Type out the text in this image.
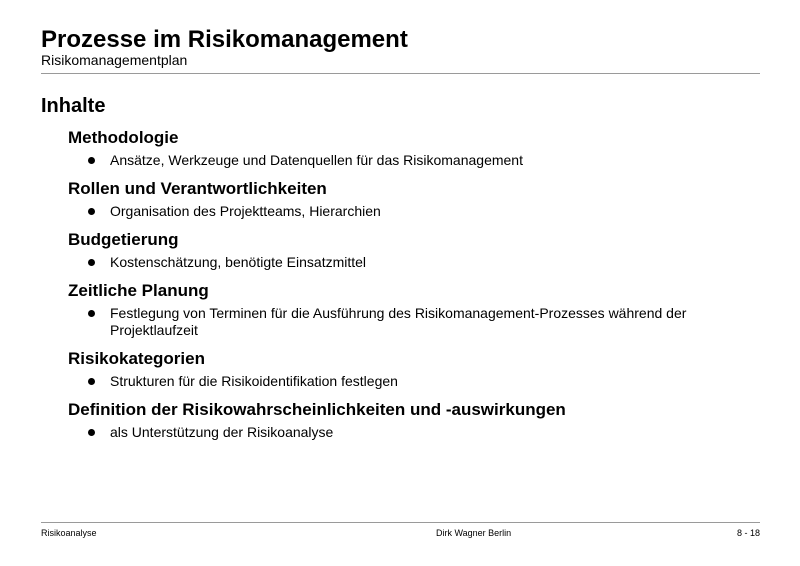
Prozesse im Risikomanagement
Risikomanagementplan
Inhalte
Methodologie
Ansätze, Werkzeuge und Datenquellen für das Risikomanagement
Rollen und Verantwortlichkeiten
Organisation des Projektteams, Hierarchien
Budgetierung
Kostenschätzung, benötigte Einsatzmittel
Zeitliche Planung
Festlegung von Terminen für die Ausführung des Risikomanagement-Prozesses während der Projektlaufzeit
Risikokategorien
Strukturen für die Risikoidentifikation festlegen
Definition der Risikowahrscheinlichkeiten und -auswirkungen
als Unterstützung der Risikoanalyse
Risikoanalyse	Dirk Wagner Berlin	8 - 18
